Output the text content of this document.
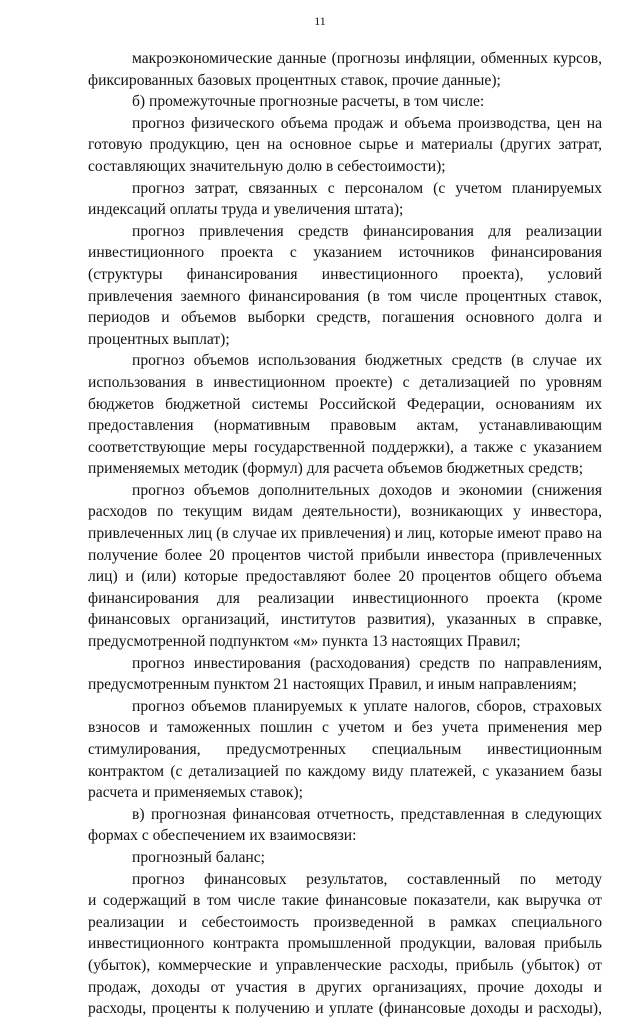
11
макроэкономические данные (прогнозы инфляции, обменных курсов,
фиксированных базовых процентных ставок, прочие данные);
б) промежуточные прогнозные расчеты, в том числе:
прогноз физического объема продаж и объема производства, цен на
готовую продукцию, цен на основное сырье и материалы (других затрат,
составляющих значительную долю в себестоимости);
прогноз затрат, связанных с персоналом (с учетом планируемых
индексаций оплаты труда и увеличения штата);
прогноз привлечения средств финансирования для реализации
инвестиционного проекта с указанием источников финансирования
(структуры финансирования инвестиционного проекта), условий
привлечения заемного финансирования (в том числе процентных ставок,
периодов и объемов выборки средств, погашения основного долга и
процентных выплат);
прогноз объемов использования бюджетных средств (в случае их
использования в инвестиционном проекте) с детализацией по уровням
бюджетов бюджетной системы Российской Федерации, основаниям их
предоставления (нормативным правовым актам, устанавливающим
соответствующие меры государственной поддержки), а также с указанием
применяемых методик (формул) для расчета объемов бюджетных средств;
прогноз объемов дополнительных доходов и экономии (снижения
расходов по текущим видам деятельности), возникающих у инвестора,
привлеченных лиц (в случае их привлечения) и лиц, которые имеют право на
получение более 20 процентов чистой прибыли инвестора (привлеченных
лиц) и (или) которые предоставляют более 20 процентов общего объема
финансирования для реализации инвестиционного проекта (кроме
финансовых организаций, институтов развития), указанных в справке,
предусмотренной подпунктом «м» пункта 13 настоящих Правил;
прогноз инвестирования (расходования) средств по направлениям,
предусмотренным пунктом 21 настоящих Правил, и иным направлениям;
прогноз объемов планируемых к уплате налогов, сборов, страховых
взносов и таможенных пошлин с учетом и без учета применения мер
стимулирования, предусмотренных специальным инвестиционным
контрактом (с детализацией по каждому виду платежей, с указанием базы
расчета и применяемых ставок);
в) прогнозная финансовая отчетность, представленная в следующих
формах с обеспечением их взаимосвязи:
прогнозный баланс;
прогноз финансовых результатов, составленный по методу
и содержащий в том числе такие финансовые показатели, как выручка от
реализации и себестоимость произведенной в рамках специального
инвестиционного контракта промышленной продукции, валовая прибыль
(убыток), коммерческие и управленческие расходы, прибыль (убыток) от
продаж, доходы от участия в других организациях, прочие доходы и
расходы, проценты к получению и уплате (финансовые доходы и расходы),
